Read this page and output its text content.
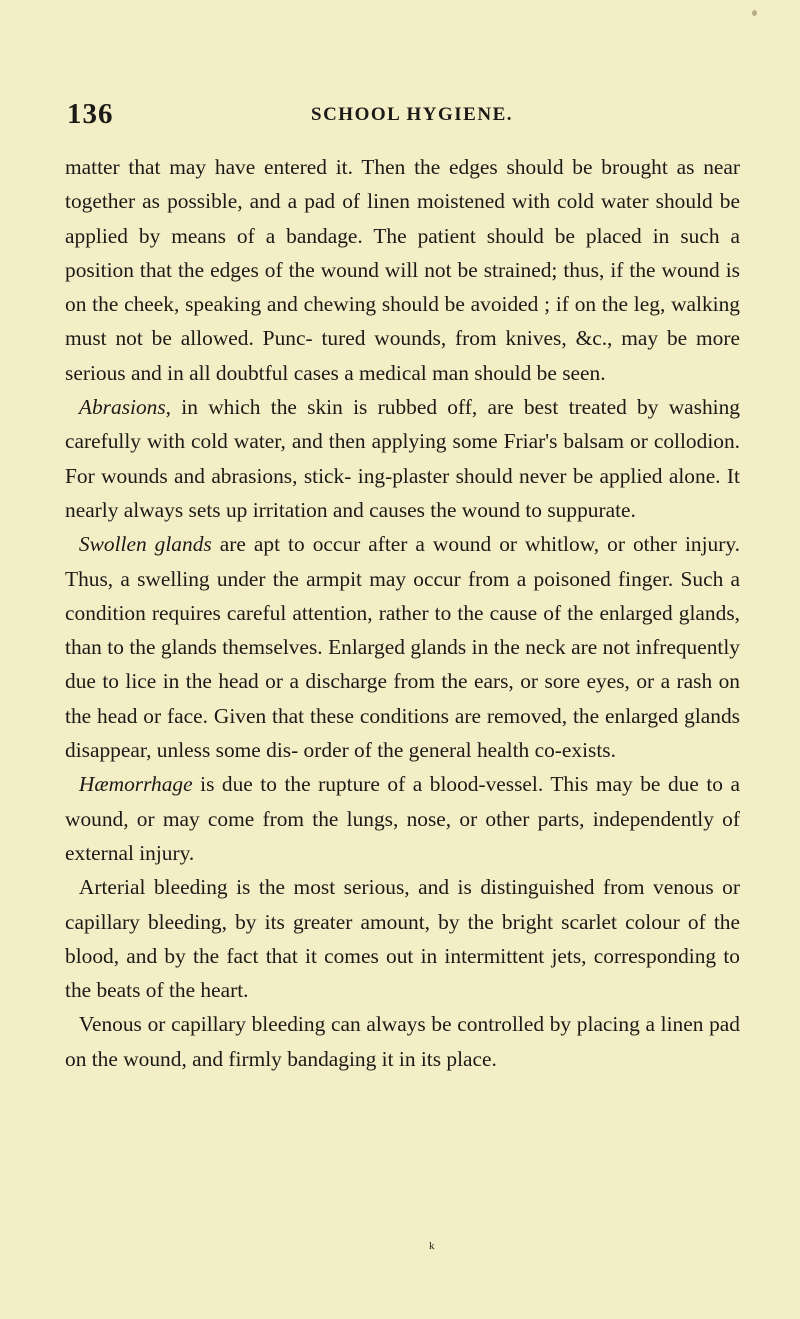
136	SCHOOL HYGIENE.

matter that may have entered it. Then the edges should be brought as near together as possible, and a pad of linen moistened with cold water should be applied by means of a bandage. The patient should be placed in such a position that the edges of the wound will not be strained; thus, if the wound is on the cheek, speaking and chewing should be avoided ; if on the leg, walking must not be allowed. Punc- tured wounds, from knives, &c., may be more serious and in all doubtful cases a medical man should be seen.

Abrasions, in which the skin is rubbed off, are best treated by washing carefully with cold water, and then applying some Friar's balsam or collodion. For wounds and abrasions, stick- ing-plaster should never be applied alone. It nearly always sets up irritation and causes the wound to suppurate.

Swollen glands are apt to occur after a wound or whitlow, or other injury. Thus, a swelling under the armpit may occur from a poisoned finger. Such a condition requires careful attention, rather to the cause of the enlarged glands, than to the glands themselves. Enlarged glands in the neck are not infrequently due to lice in the head or a discharge from the ears, or sore eyes, or a rash on the head or face. Given that these conditions are removed, the enlarged glands disappear, unless some dis- order of the general health co-exists.

Hæmorrhage is due to the rupture of a blood-vessel. This may be due to a wound, or may come from the lungs, nose, or other parts, independently of external injury.

Arterial bleeding is the most serious, and is distinguished from venous or capillary bleeding, by its greater amount, by the bright scarlet colour of the blood, and by the fact that it comes out in intermittent jets, corresponding to the beats of the heart.

Venous or capillary bleeding can always be controlled by placing a linen pad on the wound, and firmly bandaging it in its place.

k
